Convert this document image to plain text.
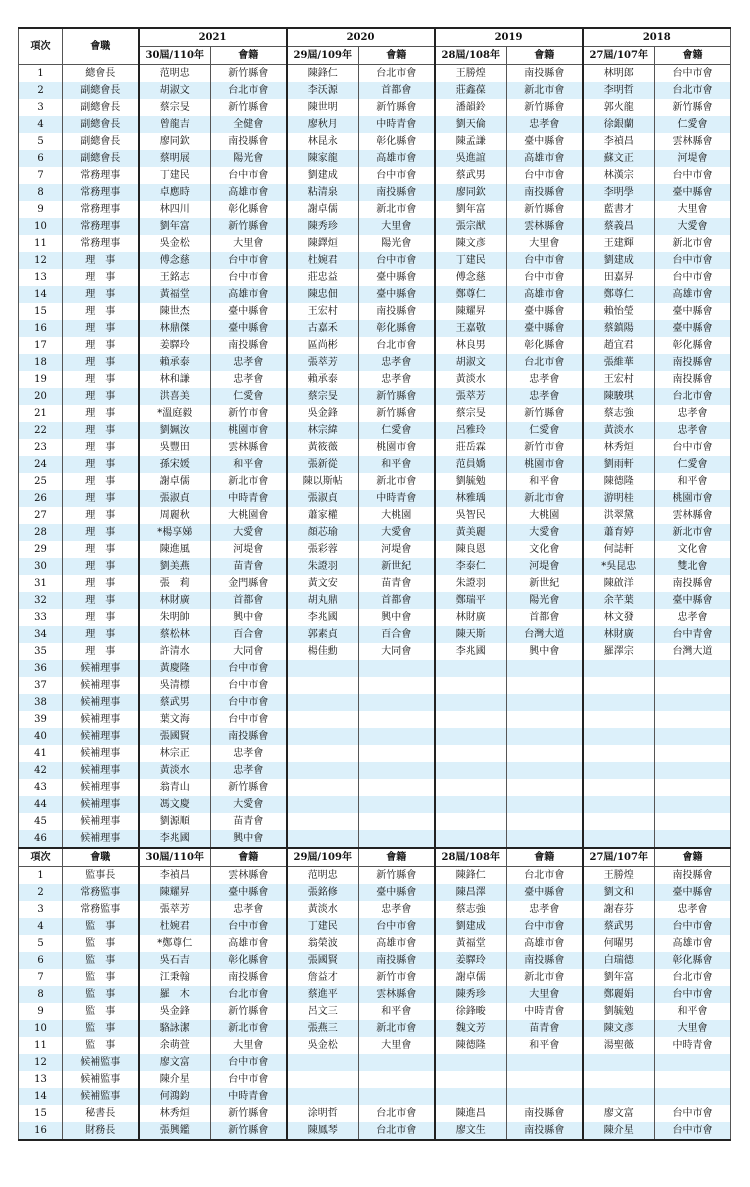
項次	會職	2021		2020		2019		2018	
		30屆/110年	會籍	29屆/109年	會籍	28屆/108年	會籍	27屆/107年	會籍
1	總會長	范明忠	新竹縣會	陳鋒仁	台北市會	王勝煌	南投縣會	林明郎	台中市會
2	副總會長	胡淑文	台北市會	李沃源	首都會	莊鑫葆	新北市會	李明哲	台北市會
3	副總會長	蔡宗旻	新竹縣會	陳世明	新竹縣會	潘韻鈴	新竹縣會	郭火龍	新竹縣會
4	副總會長	曾龍吉	全健會	廖秋月	中時青會	劉天倫	忠孝會	徐銀蘭	仁愛會
5	副總會長	廖同欽	南投縣會	林昆永	彰化縣會	陳孟謙	臺中縣會	李禎昌	雲林縣會
6	副總會長	蔡明展	陽光會	陳家龍	高雄市會	吳進誼	高雄市會	蘇文正	河堤會
7	常務理事	丁建民	台中市會	劉建成	台中市會	蔡武男	台中市會	林漢宗	台中市會
8	常務理事	卓應時	高雄市會	粘清泉	南投縣會	廖同欽	南投縣會	李明學	臺中縣會
9	常務理事	林四川	彰化縣會	謝卓儒	新北市會	劉年富	新竹縣會	藍書才	大里會
10	常務理事	劉年富	新竹縣會	陳秀珍	大里會	張宗猷	雲林縣會	蔡義昌	大愛會
11	常務理事	吳金松	大里會	陳鐸烜	陽光會	陳文彥	大里會	王建輝	新北市會
12	理　事	傅念慈	台中市會	杜婉君	台中市會	丁建民	台中市會	劉建成	台中市會
13	理　事	王銘志	台中市會	莊忠益	臺中縣會	傅念慈	台中市會	田嘉昇	台中市會
14	理　事	黃福堂	高雄市會	陳忠佃	臺中縣會	鄭尊仁	高雄市會	鄭尊仁	高雄市會
15	理　事	陳世杰	臺中縣會	王宏村	南投縣會	陳耀昇	臺中縣會	賴怡瑩	臺中縣會
16	理　事	林鼎傑	臺中縣會	古嘉禾	彰化縣會	王嘉敬	臺中縣會	蔡鎮陽	臺中縣會
17	理　事	姜驛玲	南投縣會	區尚彬	台北市會	林良男	彰化縣會	趙宜君	彰化縣會
18	理　事	賴承泰	忠孝會	張萃芳	忠孝會	胡淑文	台北市會	張維華	南投縣會
19	理　事	林和謙	忠孝會	賴承泰	忠孝會	黃淡水	忠孝會	王宏村	南投縣會
20	理　事	洪喜美	仁愛會	蔡宗旻	新竹縣會	張萃芳	忠孝會	陳駿琪	台北市會
21	理　事	*溫庭毅	新竹市會	吳金鋒	新竹縣會	蔡宗旻	新竹縣會	蔡志強	忠孝會
22	理　事	劉姵汝	桃園市會	林宗緯	仁愛會	呂雅玲	仁愛會	黃淡水	忠孝會
23	理　事	吳豐田	雲林縣會	黃筱薇	桃園市會	莊岳霖	新竹市會	林秀烜	台中市會
24	理　事	孫宋媛	和平會	張新從	和平會	范員嬌	桃園市會	劉雨軒	仁愛會
25	理　事	謝卓儒	新北市會	陳以斯帖	新北市會	劉毓勉	和平會	陳德隆	和平會
26	理　事	張淑貞	中時青會	張淑貞	中時青會	林雅瑀	新北市會	游明桂	桃園市會
27	理　事	周麗秋	大桃園會	蕭家權	大桃園	吳智民	大桃園	洪翠黛	雲林縣會
28	理　事	*楊享娣	大愛會	顏芯瑜	大愛會	黃美麗	大愛會	蕭育婷	新北市會
29	理　事	陳進風	河堤會	張彩蓉	河堤會	陳良恩	文化會	何誌軒	文化會
30	理　事	劉美燕	苗青會	朱證羽	新世紀	李泰仁	河堤會	*吳昆忠	雙北會
31	理　事	張　莉	金門縣會	黃文安	苗青會	朱證羽	新世紀	陳啟洋	南投縣會
32	理　事	林財廣	首都會	胡丸鼎	首都會	鄭瑞平	陽光會	余芊葉	臺中縣會
33	理　事	朱明帥	興中會	李兆國	興中會	林財廣	首都會	林文發	忠孝會
34	理　事	蔡松林	百合會	郭素貞	百合會	陳天斯	台灣大道	林財廣	台中青會
35	理　事	許清水	大同會	楊佳勳	大同會	李兆國	興中會	羅澤宗	台灣大道
36	候補理事	黃慶隆	台中市會						
37	候補理事	吳清標	台中市會						
38	候補理事	蔡武男	台中市會						
39	候補理事	葉文海	台中市會						
40	候補理事	張國賢	南投縣會						
41	候補理事	林宗正	忠孝會						
42	候補理事	黃淡水	忠孝會						
43	候補理事	翁青山	新竹縣會						
44	候補理事	馮文慶	大愛會						
45	候補理事	劉源順	苗青會						
46	候補理事	李兆國	興中會						
項次	會職	30屆/110年	會籍	29屆/109年	會籍	28屆/108年	會籍	27屆/107年	會籍
1	監事長	李禎昌	雲林縣會	范明忠	新竹縣會	陳鋒仁	台北市會	王勝煌	南投縣會
2	常務監事	陳耀昇	臺中縣會	張銘修	臺中縣會	陳昌澤	臺中縣會	劉文和	臺中縣會
3	常務監事	張萃芳	忠孝會	黃淡水	忠孝會	蔡志強	忠孝會	謝春芬	忠孝會
4	監　事	杜婉君	台中市會	丁建民	台中市會	劉建成	台中市會	蔡武男	台中市會
5	監　事	*鄭尊仁	高雄市會	翁榮波	高雄市會	黃福堂	高雄市會	何曜男	高雄市會
6	監　事	吳石吉	彰化縣會	張國賢	南投縣會	姜驛玲	南投縣會	白瑞德	彰化縣會
7	監　事	江秉翰	南投縣會	詹益才	新竹市會	謝卓儒	新北市會	劉年富	台北市會
8	監　事	羅　木	台北市會	蔡進平	雲林縣會	陳秀珍	大里會	鄭麗娟	台中市會
9	監　事	吳金鋒	新竹縣會	呂文三	和平會	徐鋒畯	中時青會	劉毓勉	和平會
10	監　事	駱詠潔	新北市會	張燕三	新北市會	魏文芳	苗青會	陳文彥	大里會
11	監　事	余萌萱	大里會	吳金松	大里會	陳德隆	和平會	湯聖薇	中時青會
12	候補監事	廖文富	台中市會						
13	候補監事	陳介星	台中市會						
14	候補監事	何鴻鈞	中時青會						
15	秘書長	林秀烜	新竹縣會	涂明哲	台北市會	陳進昌	南投縣會	廖文富	台中市會
16	財務長	張興鑑	新竹縣會	陳鳳琴	台北市會	廖文生	南投縣會	陳介星	台中市會
